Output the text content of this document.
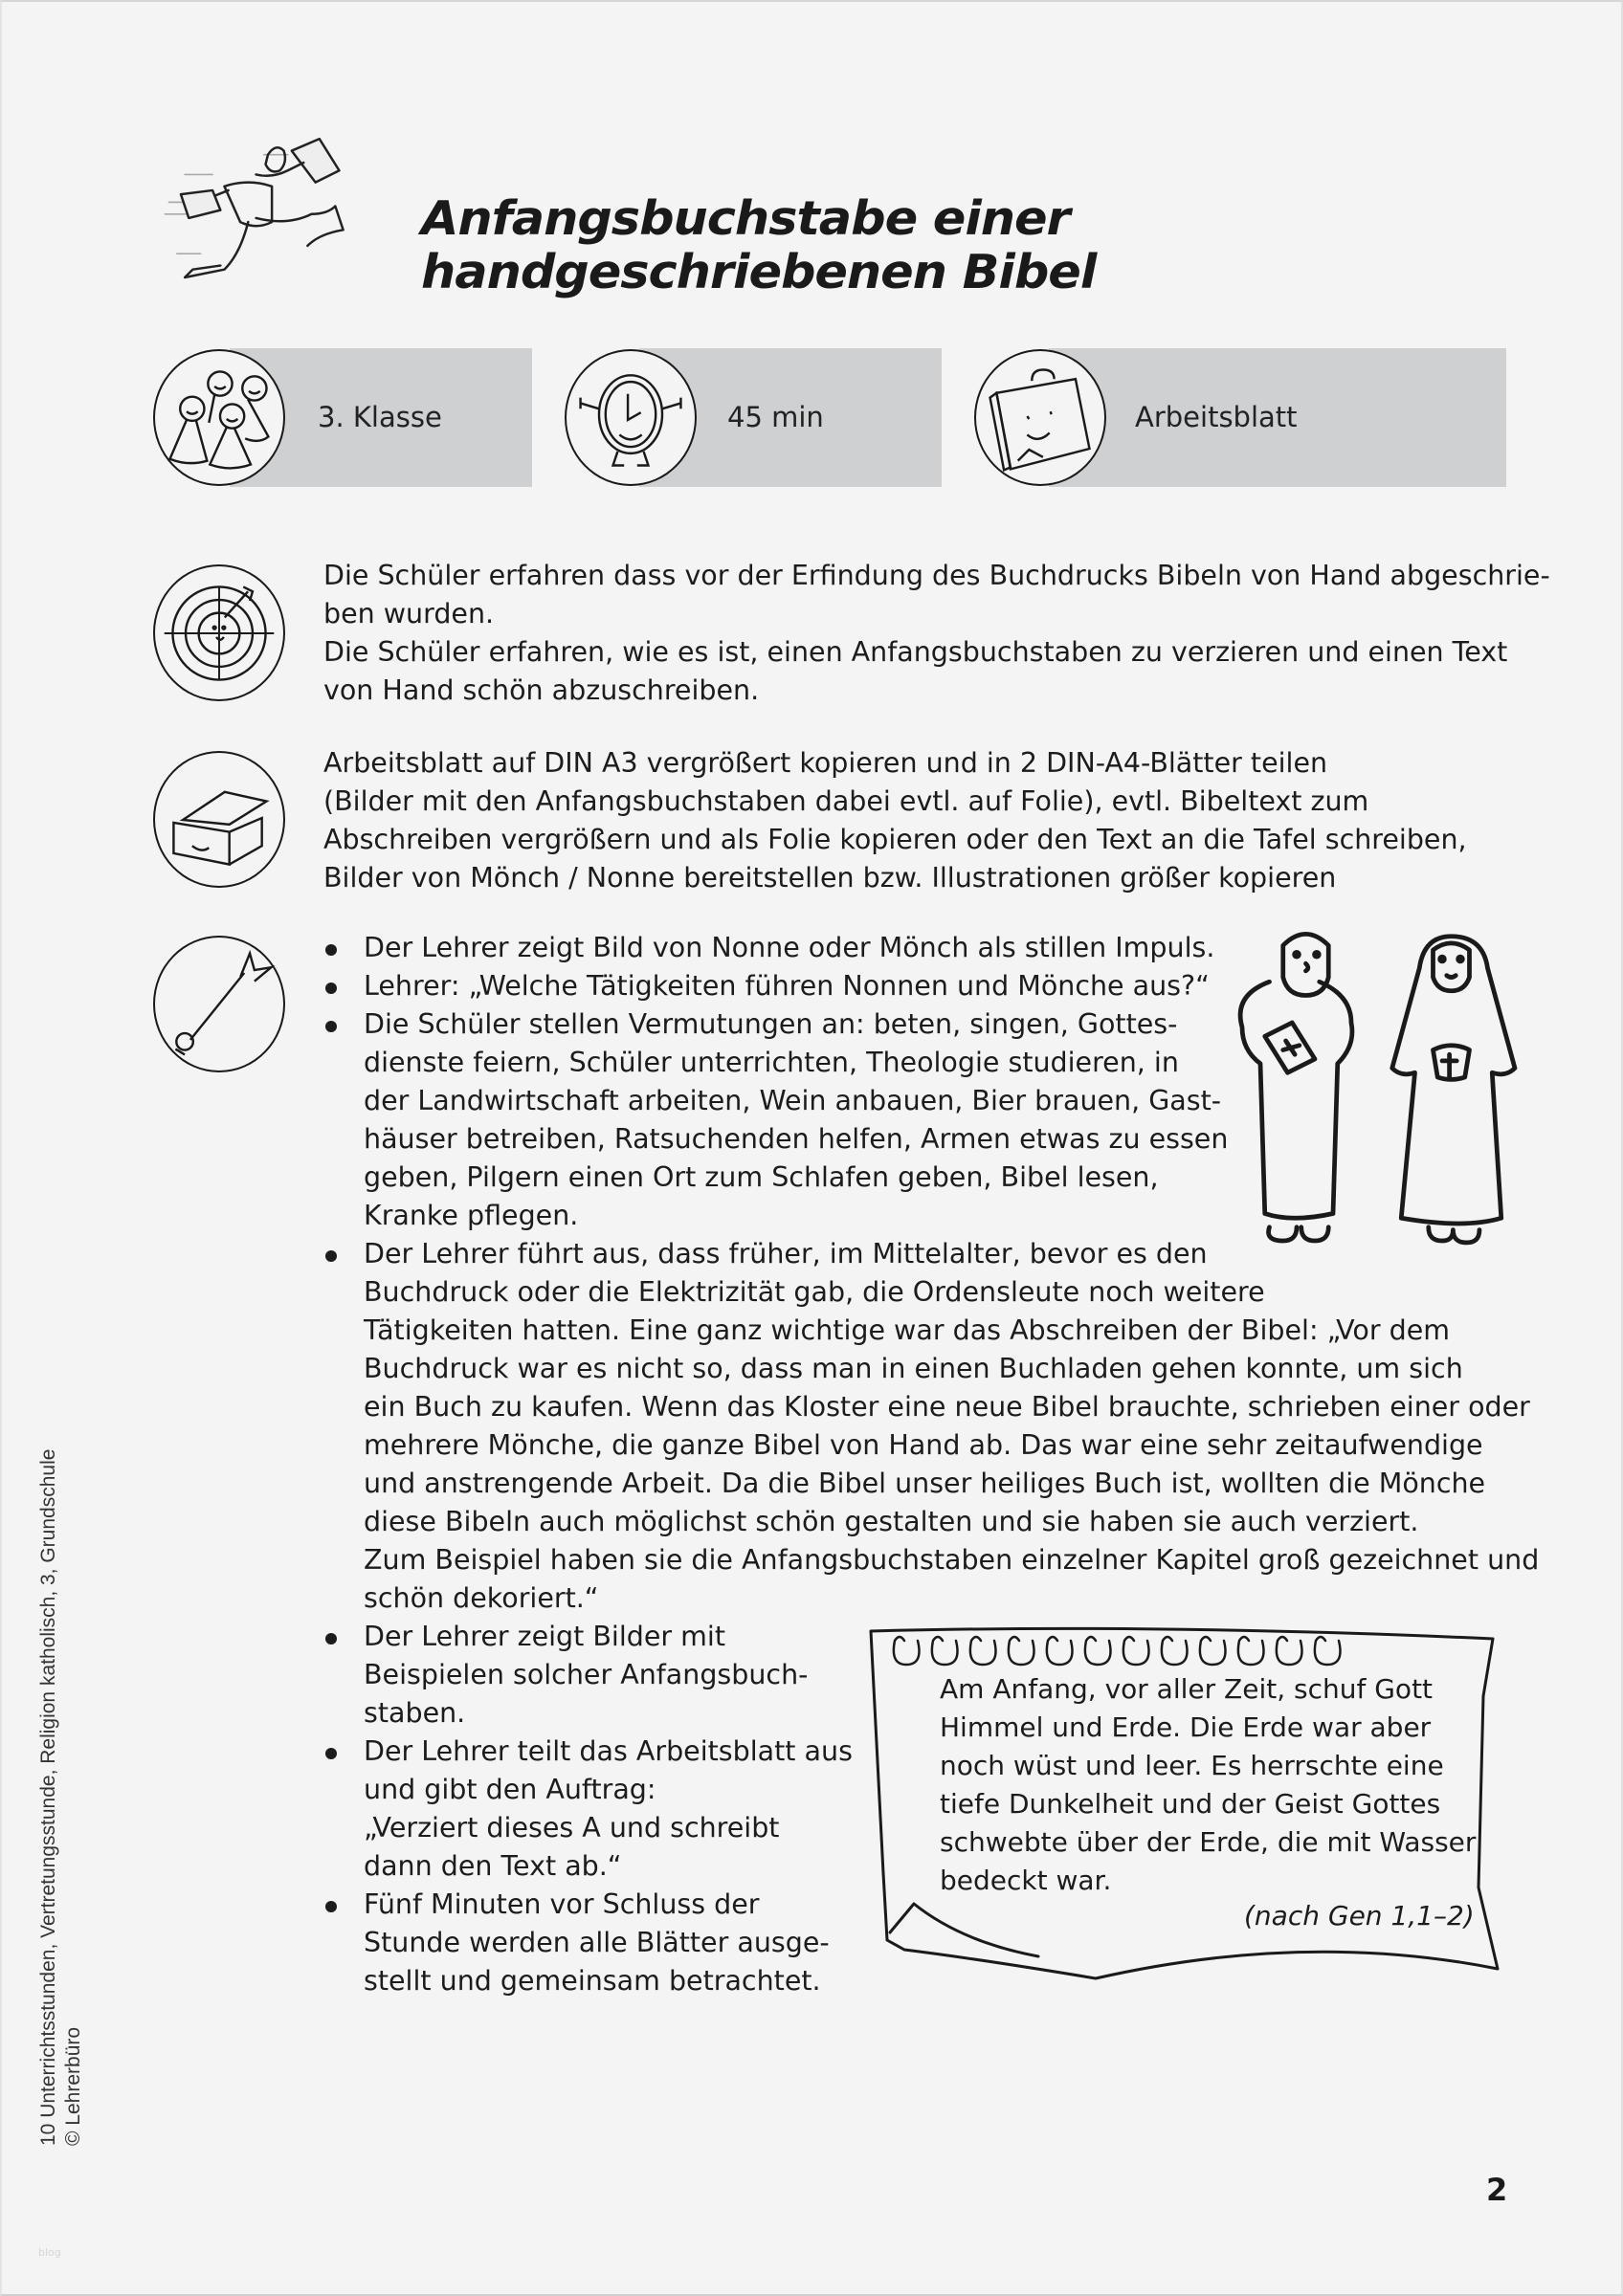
Anfangsbuchstabe einer
handgeschriebenen Bibel
3. Klasse	45 min	Arbeitsblatt

Die Schüler erfahren dass vor der Erfindung des Buchdrucks Bibeln von Hand abgeschrie-
ben wurden.
Die Schüler erfahren, wie es ist, einen Anfangsbuchstaben zu verzieren und einen Text
von Hand schön abzuschreiben.

Arbeitsblatt auf DIN A3 vergrößert kopieren und in 2 DIN-A4-Blätter teilen
(Bilder mit den Anfangsbuchstaben dabei evtl. auf Folie), evtl. Bibeltext zum
Abschreiben vergrößern und als Folie kopieren oder den Text an die Tafel schreiben,
Bilder von Mönch / Nonne bereitstellen bzw. Illustrationen größer kopieren

Der Lehrer zeigt Bild von Nonne oder Mönch als stillen Impuls.
Lehrer: „Welche Tätigkeiten führen Nonnen und Mönche aus?“
Die Schüler stellen Vermutungen an: beten, singen, Gottes-
dienste feiern, Schüler unterrichten, Theologie studieren, in
der Landwirtschaft arbeiten, Wein anbauen, Bier brauen, Gast-
häuser betreiben, Ratsuchenden helfen, Armen etwas zu essen
geben, Pilgern einen Ort zum Schlafen geben, Bibel lesen,
Kranke pflegen.
Der Lehrer führt aus, dass früher, im Mittelalter, bevor es den
Buchdruck oder die Elektrizität gab, die Ordensleute noch weitere
Tätigkeiten hatten. Eine ganz wichtige war das Abschreiben der Bibel: „Vor dem
Buchdruck war es nicht so, dass man in einen Buchladen gehen konnte, um sich
ein Buch zu kaufen. Wenn das Kloster eine neue Bibel brauchte, schrieben einer oder
mehrere Mönche, die ganze Bibel von Hand ab. Das war eine sehr zeitaufwendige
und anstrengende Arbeit. Da die Bibel unser heiliges Buch ist, wollten die Mönche
diese Bibeln auch möglichst schön gestalten und sie haben sie auch verziert.
Zum Beispiel haben sie die Anfangsbuchstaben einzelner Kapitel groß gezeichnet und
schön dekoriert.“
Der Lehrer zeigt Bilder mit
Beispielen solcher Anfangsbuch-
staben.
Der Lehrer teilt das Arbeitsblatt aus
und gibt den Auftrag:
„Verziert dieses A und schreibt
dann den Text ab.“
Fünf Minuten vor Schluss der
Stunde werden alle Blätter ausge-
stellt und gemeinsam betrachtet.
Am Anfang, vor aller Zeit, schuf Gott
Himmel und Erde. Die Erde war aber
noch wüst und leer. Es herrschte eine
tiefe Dunkelheit und der Geist Gottes
schwebte über der Erde, die mit Wasser
bedeckt war.
(nach Gen 1,1–2)
10 Unterrichtsstunden, Vertretungsstunde, Religion katholisch, 3, Grundschule © Lehrerbüro
2
blog
